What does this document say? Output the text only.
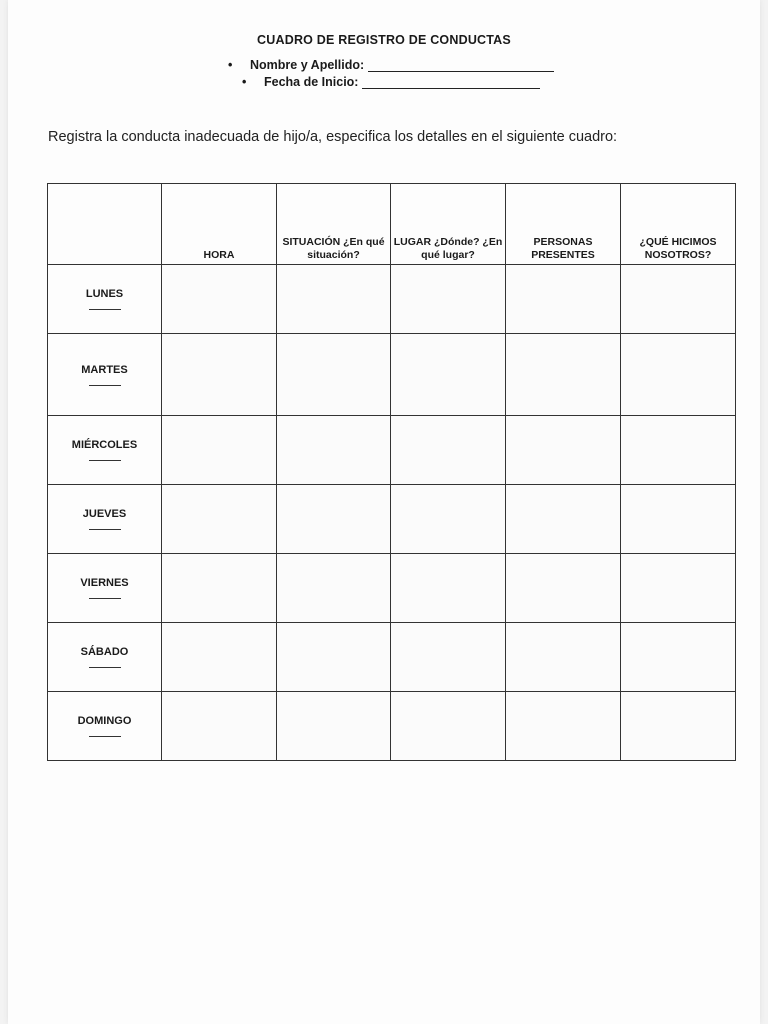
CUADRO DE REGISTRO DE CONDUCTAS
• Nombre y Apellido:
• Fecha de Inicio:
Registra la conducta inadecuada de hijo/a, especifica los detalles en el siguiente cuadro:
	HORA	SITUACIÓN ¿En qué situación?	LUGAR ¿Dónde? ¿En qué lugar?	PERSONAS PRESENTES	¿QUÉ HICIMOS NOSOTROS?

LUNES					

MARTES					

MIÉRCOLES					

JUEVES					

VIERNES					

SÁBADO					

DOMINGO					
